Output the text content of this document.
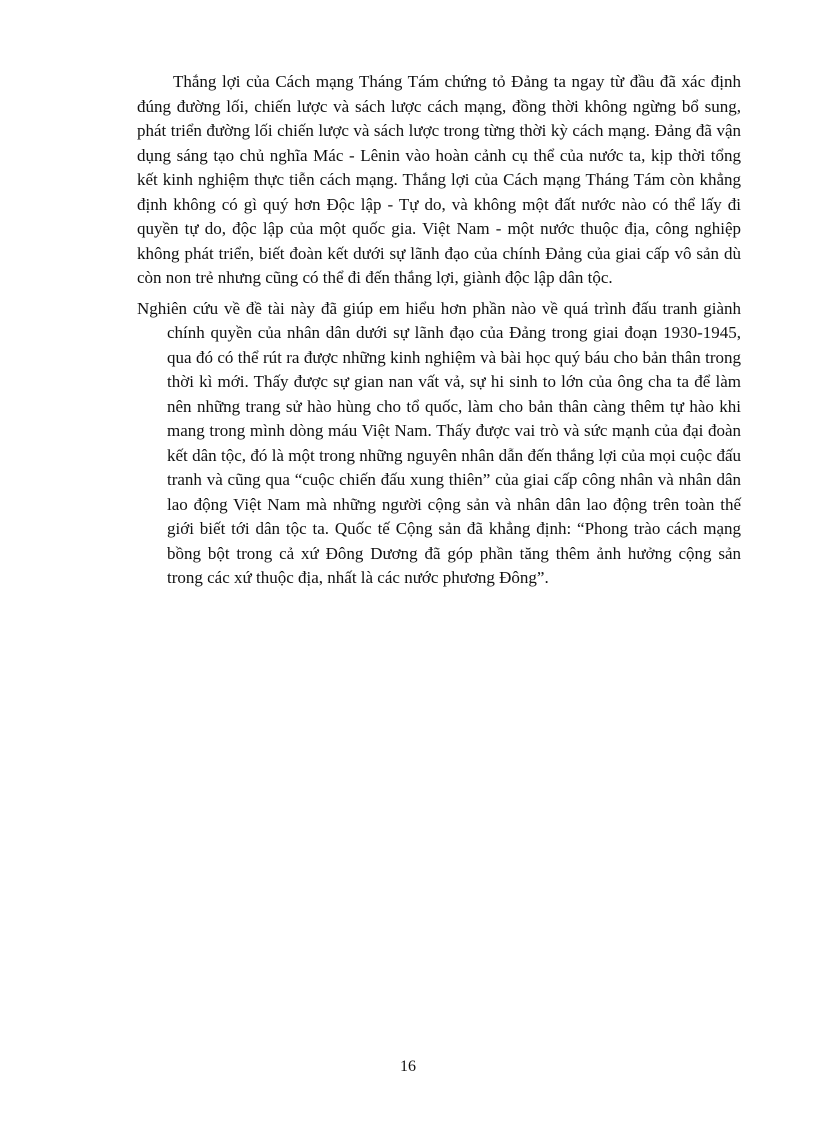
Thắng lợi của Cách mạng Tháng Tám chứng tỏ Đảng ta ngay từ đầu đã xác định đúng đường lối, chiến lược và sách lược cách mạng, đồng thời không ngừng bổ sung, phát triển đường lối chiến lược và sách lược trong từng thời kỳ cách mạng. Đảng đã vận dụng sáng tạo chủ nghĩa Mác - Lênin vào hoàn cảnh cụ thể của nước ta, kịp thời tổng kết kinh nghiệm thực tiễn cách mạng. Thắng lợi của Cách mạng Tháng Tám còn khẳng định không có gì quý hơn Độc lập - Tự do, và không một đất nước nào có thể lấy đi quyền tự do, độc lập của một quốc gia. Việt Nam - một nước thuộc địa, công nghiệp không phát triển, biết đoàn kết dưới sự lãnh đạo của chính Đảng của giai cấp vô sản dù còn non trẻ nhưng cũng có thể đi đến thắng lợi, giành độc lập dân tộc.

Nghiên cứu về đề tài này đã giúp em hiểu hơn phần nào về quá trình đấu tranh giành chính quyền của nhân dân dưới sự lãnh đạo của Đảng trong giai đoạn 1930-1945, qua đó có thể rút ra được những kinh nghiệm và bài học quý báu cho bản thân trong thời kì mới. Thấy được sự gian nan vất vả, sự hi sinh to lớn của ông cha ta để làm nên những trang sử hào hùng cho tổ quốc, làm cho bản thân càng thêm tự hào khi mang trong mình dòng máu Việt Nam. Thấy được vai trò và sức mạnh của đại đoàn kết dân tộc, đó là một trong những nguyên nhân dẫn đến thắng lợi của mọi cuộc đấu tranh và cũng qua “cuộc chiến đấu xung thiên” của giai cấp công nhân và nhân dân lao động Việt Nam mà những người cộng sản và nhân dân lao động trên toàn thế giới biết tới dân tộc ta. Quốc tế Cộng sản đã khẳng định: “Phong trào cách mạng bồng bột trong cả xứ Đông Dương đã góp phần tăng thêm ảnh hưởng cộng sản trong các xứ thuộc địa, nhất là các nước phương Đông”.

16
